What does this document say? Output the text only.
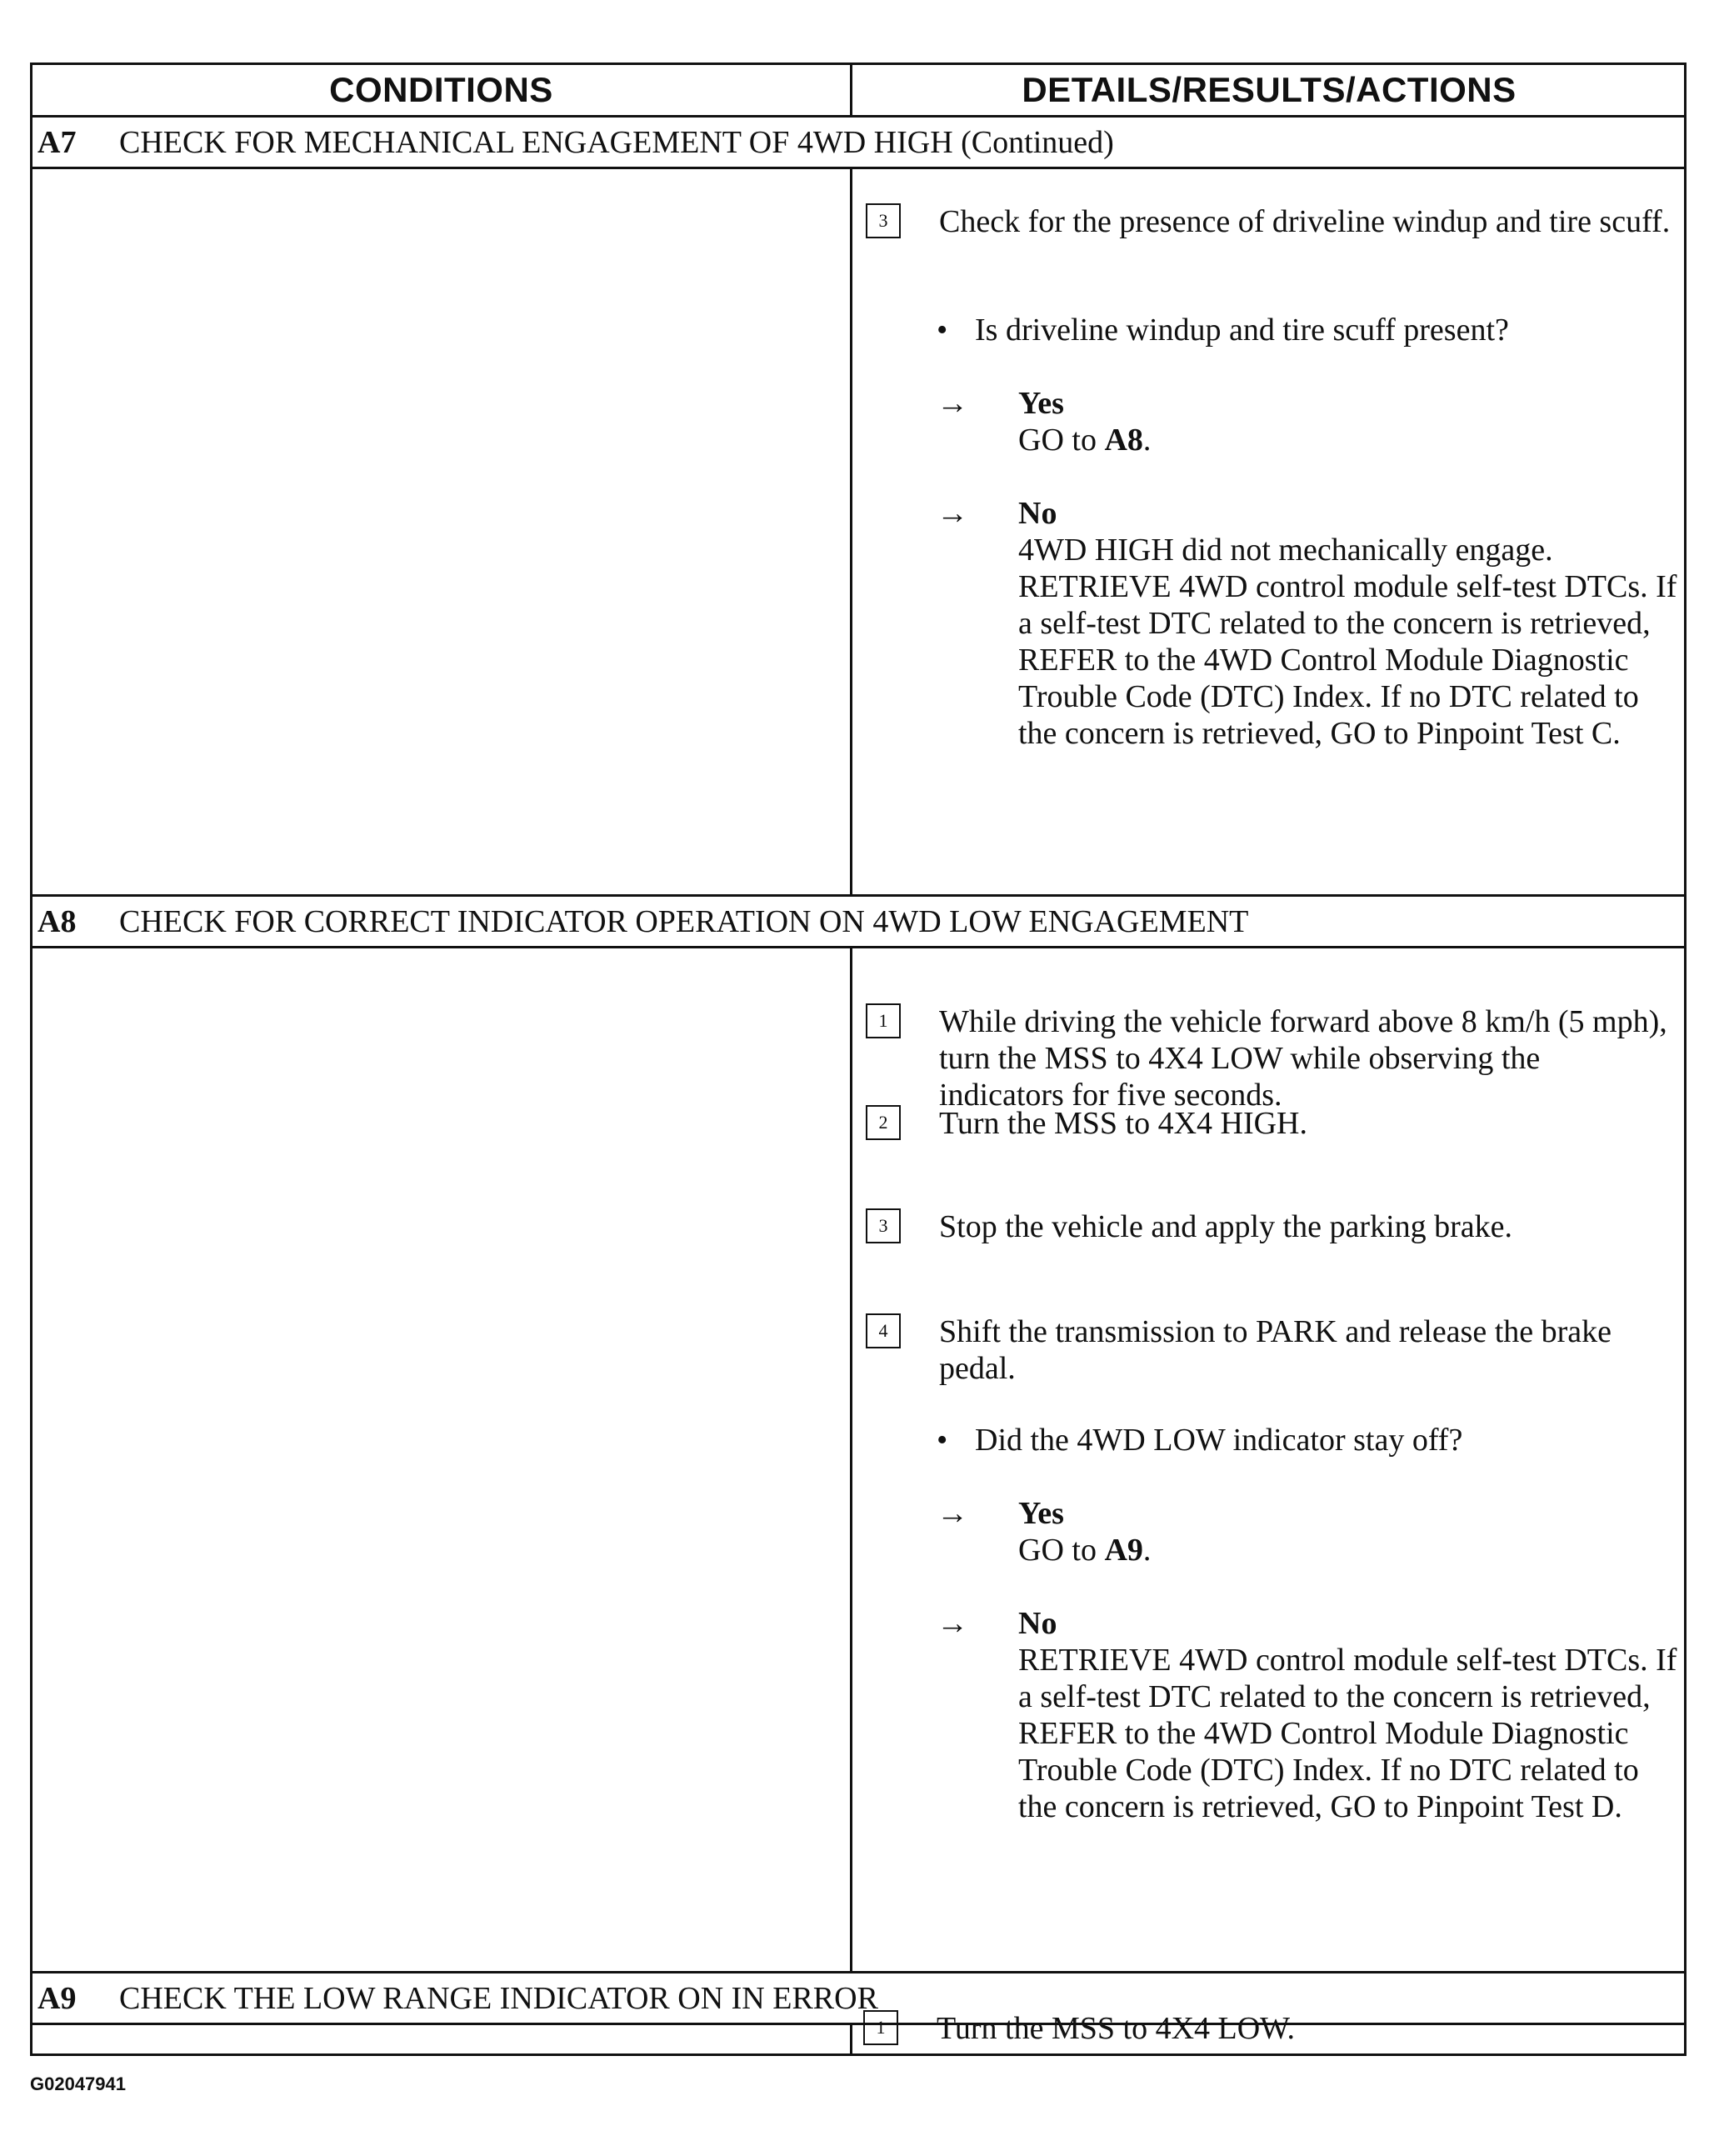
CONDITIONS	DETAILS/RESULTS/ACTIONS
A7	CHECK FOR MECHANICAL ENGAGEMENT OF 4WD HIGH (Continued)
3	Check for the presence of driveline windup and tire scuff.
• Is driveline windup and tire scuff present?
→ Yes
GO to A8.
→ No
4WD HIGH did not mechanically engage. RETRIEVE 4WD control module self-test DTCs. If a self-test DTC related to the concern is retrieved, REFER to the 4WD Control Module Diagnostic Trouble Code (DTC) Index. If no DTC related to the concern is retrieved, GO to Pinpoint Test C.
A8	CHECK FOR CORRECT INDICATOR OPERATION ON 4WD LOW ENGAGEMENT
1	While driving the vehicle forward above 8 km/h (5 mph), turn the MSS to 4X4 LOW while observing the indicators for five seconds.
2	Turn the MSS to 4X4 HIGH.
3	Stop the vehicle and apply the parking brake.
4	Shift the transmission to PARK and release the brake pedal.
• Did the 4WD LOW indicator stay off?
→ Yes
GO to A9.
→ No
RETRIEVE 4WD control module self-test DTCs. If a self-test DTC related to the concern is retrieved, REFER to the 4WD Control Module Diagnostic Trouble Code (DTC) Index. If no DTC related to the concern is retrieved, GO to Pinpoint Test D.
A9	CHECK THE LOW RANGE INDICATOR ON IN ERROR
1	Turn the MSS to 4X4 LOW.
G02047941
